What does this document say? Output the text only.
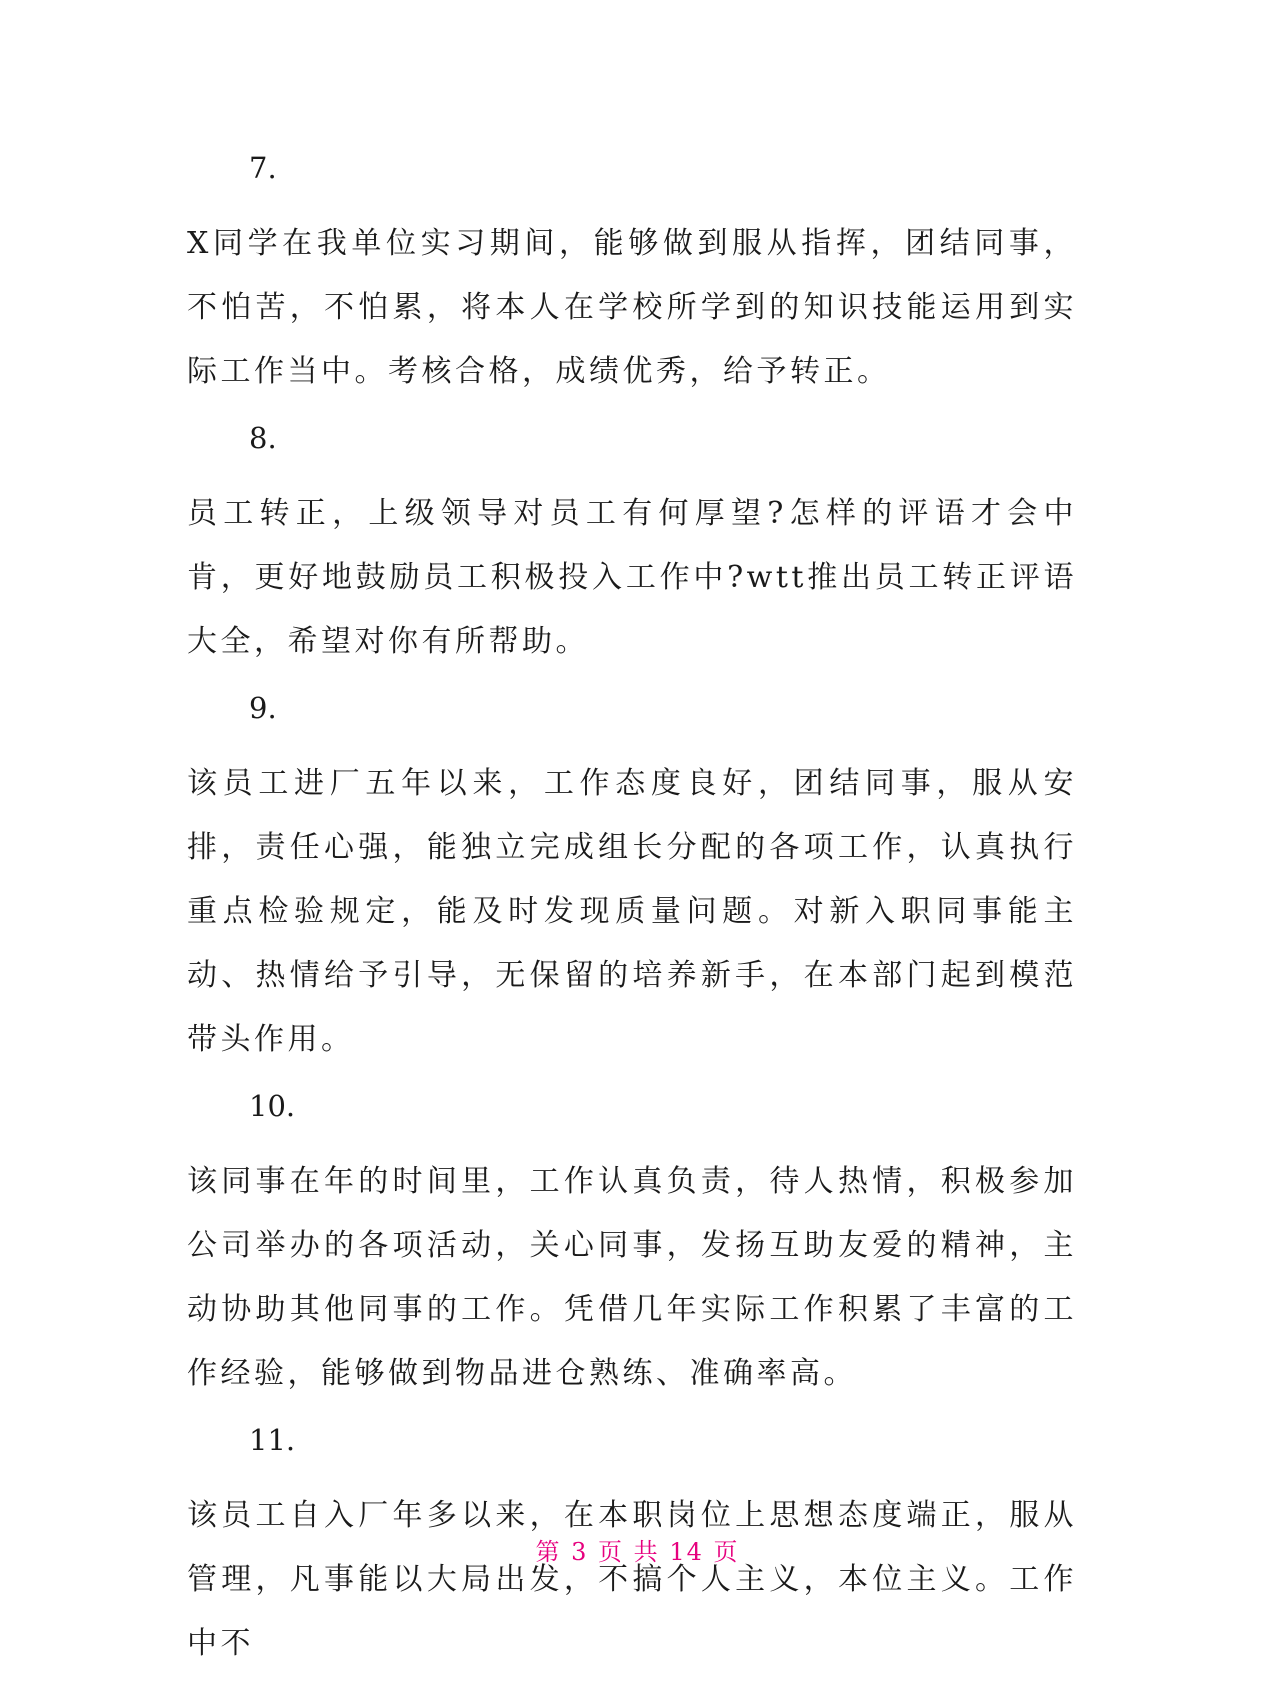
7.
X同学在我单位实习期间，能够做到服从指挥，团结同事，不怕苦，不怕累，将本人在学校所学到的知识技能运用到实际工作当中。考核合格，成绩优秀，给予转正。
8.
员工转正，上级领导对员工有何厚望?怎样的评语才会中肯，更好地鼓励员工积极投入工作中?wtt推出员工转正评语大全，希望对你有所帮助。
9.
该员工进厂五年以来，工作态度良好，团结同事，服从安排，责任心强，能独立完成组长分配的各项工作，认真执行重点检验规定，能及时发现质量问题。对新入职同事能主动、热情给予引导，无保留的培养新手，在本部门起到模范带头作用。
10.
该同事在年的时间里，工作认真负责，待人热情，积极参加公司举办的各项活动，关心同事，发扬互助友爱的精神，主动协助其他同事的工作。凭借几年实际工作积累了丰富的工作经验，能够做到物品进仓熟练、准确率高。
11.
该员工自入厂年多以来，在本职岗位上思想态度端正，服从管理，凡事能以大局出发，不搞个人主义，本位主义。工作中不
第 3 页 共 14 页
